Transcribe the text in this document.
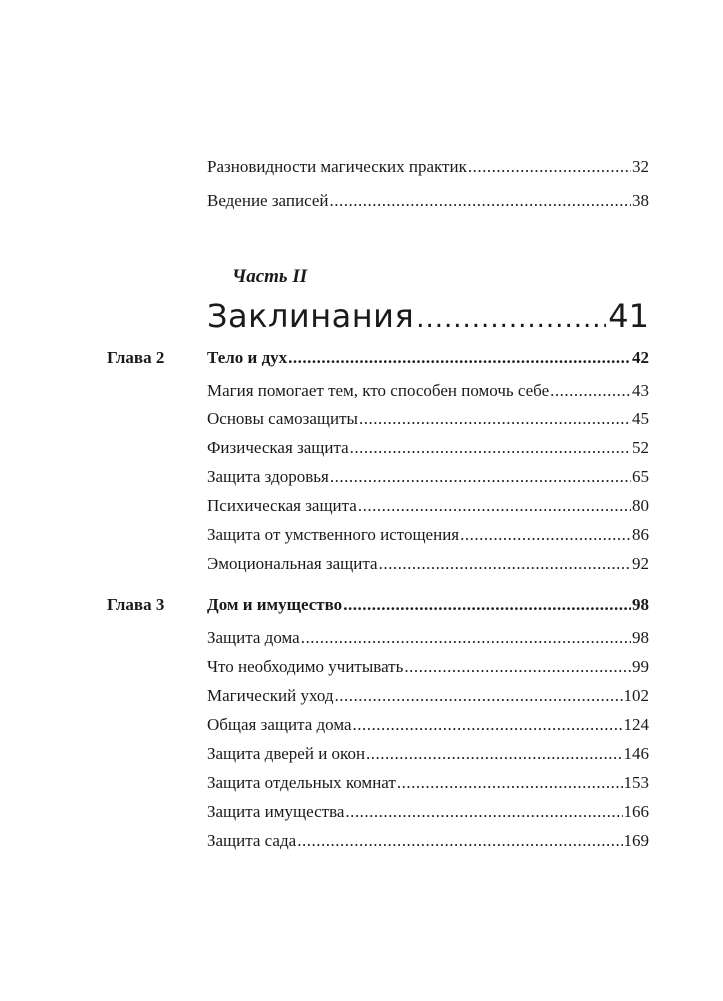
Разновидности магических практик .....	32
Ведение записей .....	38
Часть II
Заклинания .....	41
Глава 2	Тело и дух .....	42
Магия помогает тем, кто способен помочь себе .....	43
Основы самозащиты .....	45
Физическая защита .....	52
Защита здоровья .....	65
Психическая защита .....	80
Защита от умственного истощения .....	86
Эмоциональная защита .....	92
Глава 3	Дом и имущество .....	98
Защита дома .....	98
Что необходимо учитывать .....	99
Магический уход .....	102
Общая защита дома .....	124
Защита дверей и окон .....	146
Защита отдельных комнат .....	153
Защита имущества .....	166
Защита сада .....	169
